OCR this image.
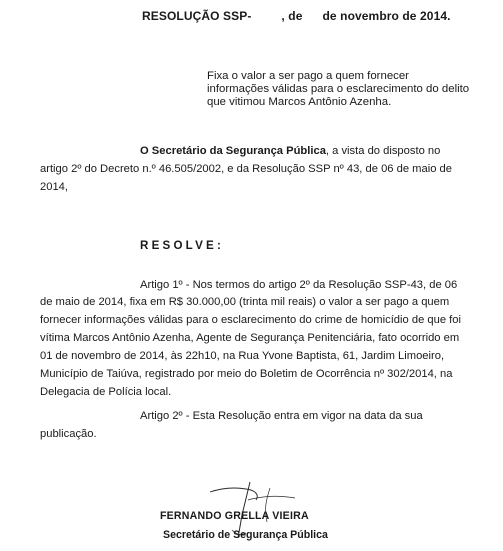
RESOLUÇÃO SSP-	, de de novembro de 2014.
Fixa o valor a ser pago a quem fornecer
informações válidas para o esclarecimento do delito
que vitimou Marcos Antônio Azenha.
O Secretário da Segurança Pública, a vista do disposto no
artigo 2º do Decreto n.º 46.505/2002, e da Resolução SSP nº 43, de 06 de maio de
2014,
RESOLVE:
Artigo 1º - Nos termos do artigo 2º da Resolução SSP-43, de 06
de maio de 2014, fixa em R$ 30.000,00 (trinta mil reais) o valor a ser pago a quem
fornecer informações válidas para o esclarecimento do crime de homicídio de que foi
vítima Marcos Antônio Azenha, Agente de Segurança Penitenciária, fato ocorrido em
01 de novembro de 2014, às 22h10, na Rua Yvone Baptista, 61, Jardim Limoeiro,
Município de Taiúva, registrado por meio do Boletim de Ocorrência nº 302/2014, na
Delegacia de Polícia local.
Artigo 2º - Esta Resolução entra em vigor na data da sua
publicação.
FERNANDO GRELLA VIEIRA
Secretário de Segurança Pública
